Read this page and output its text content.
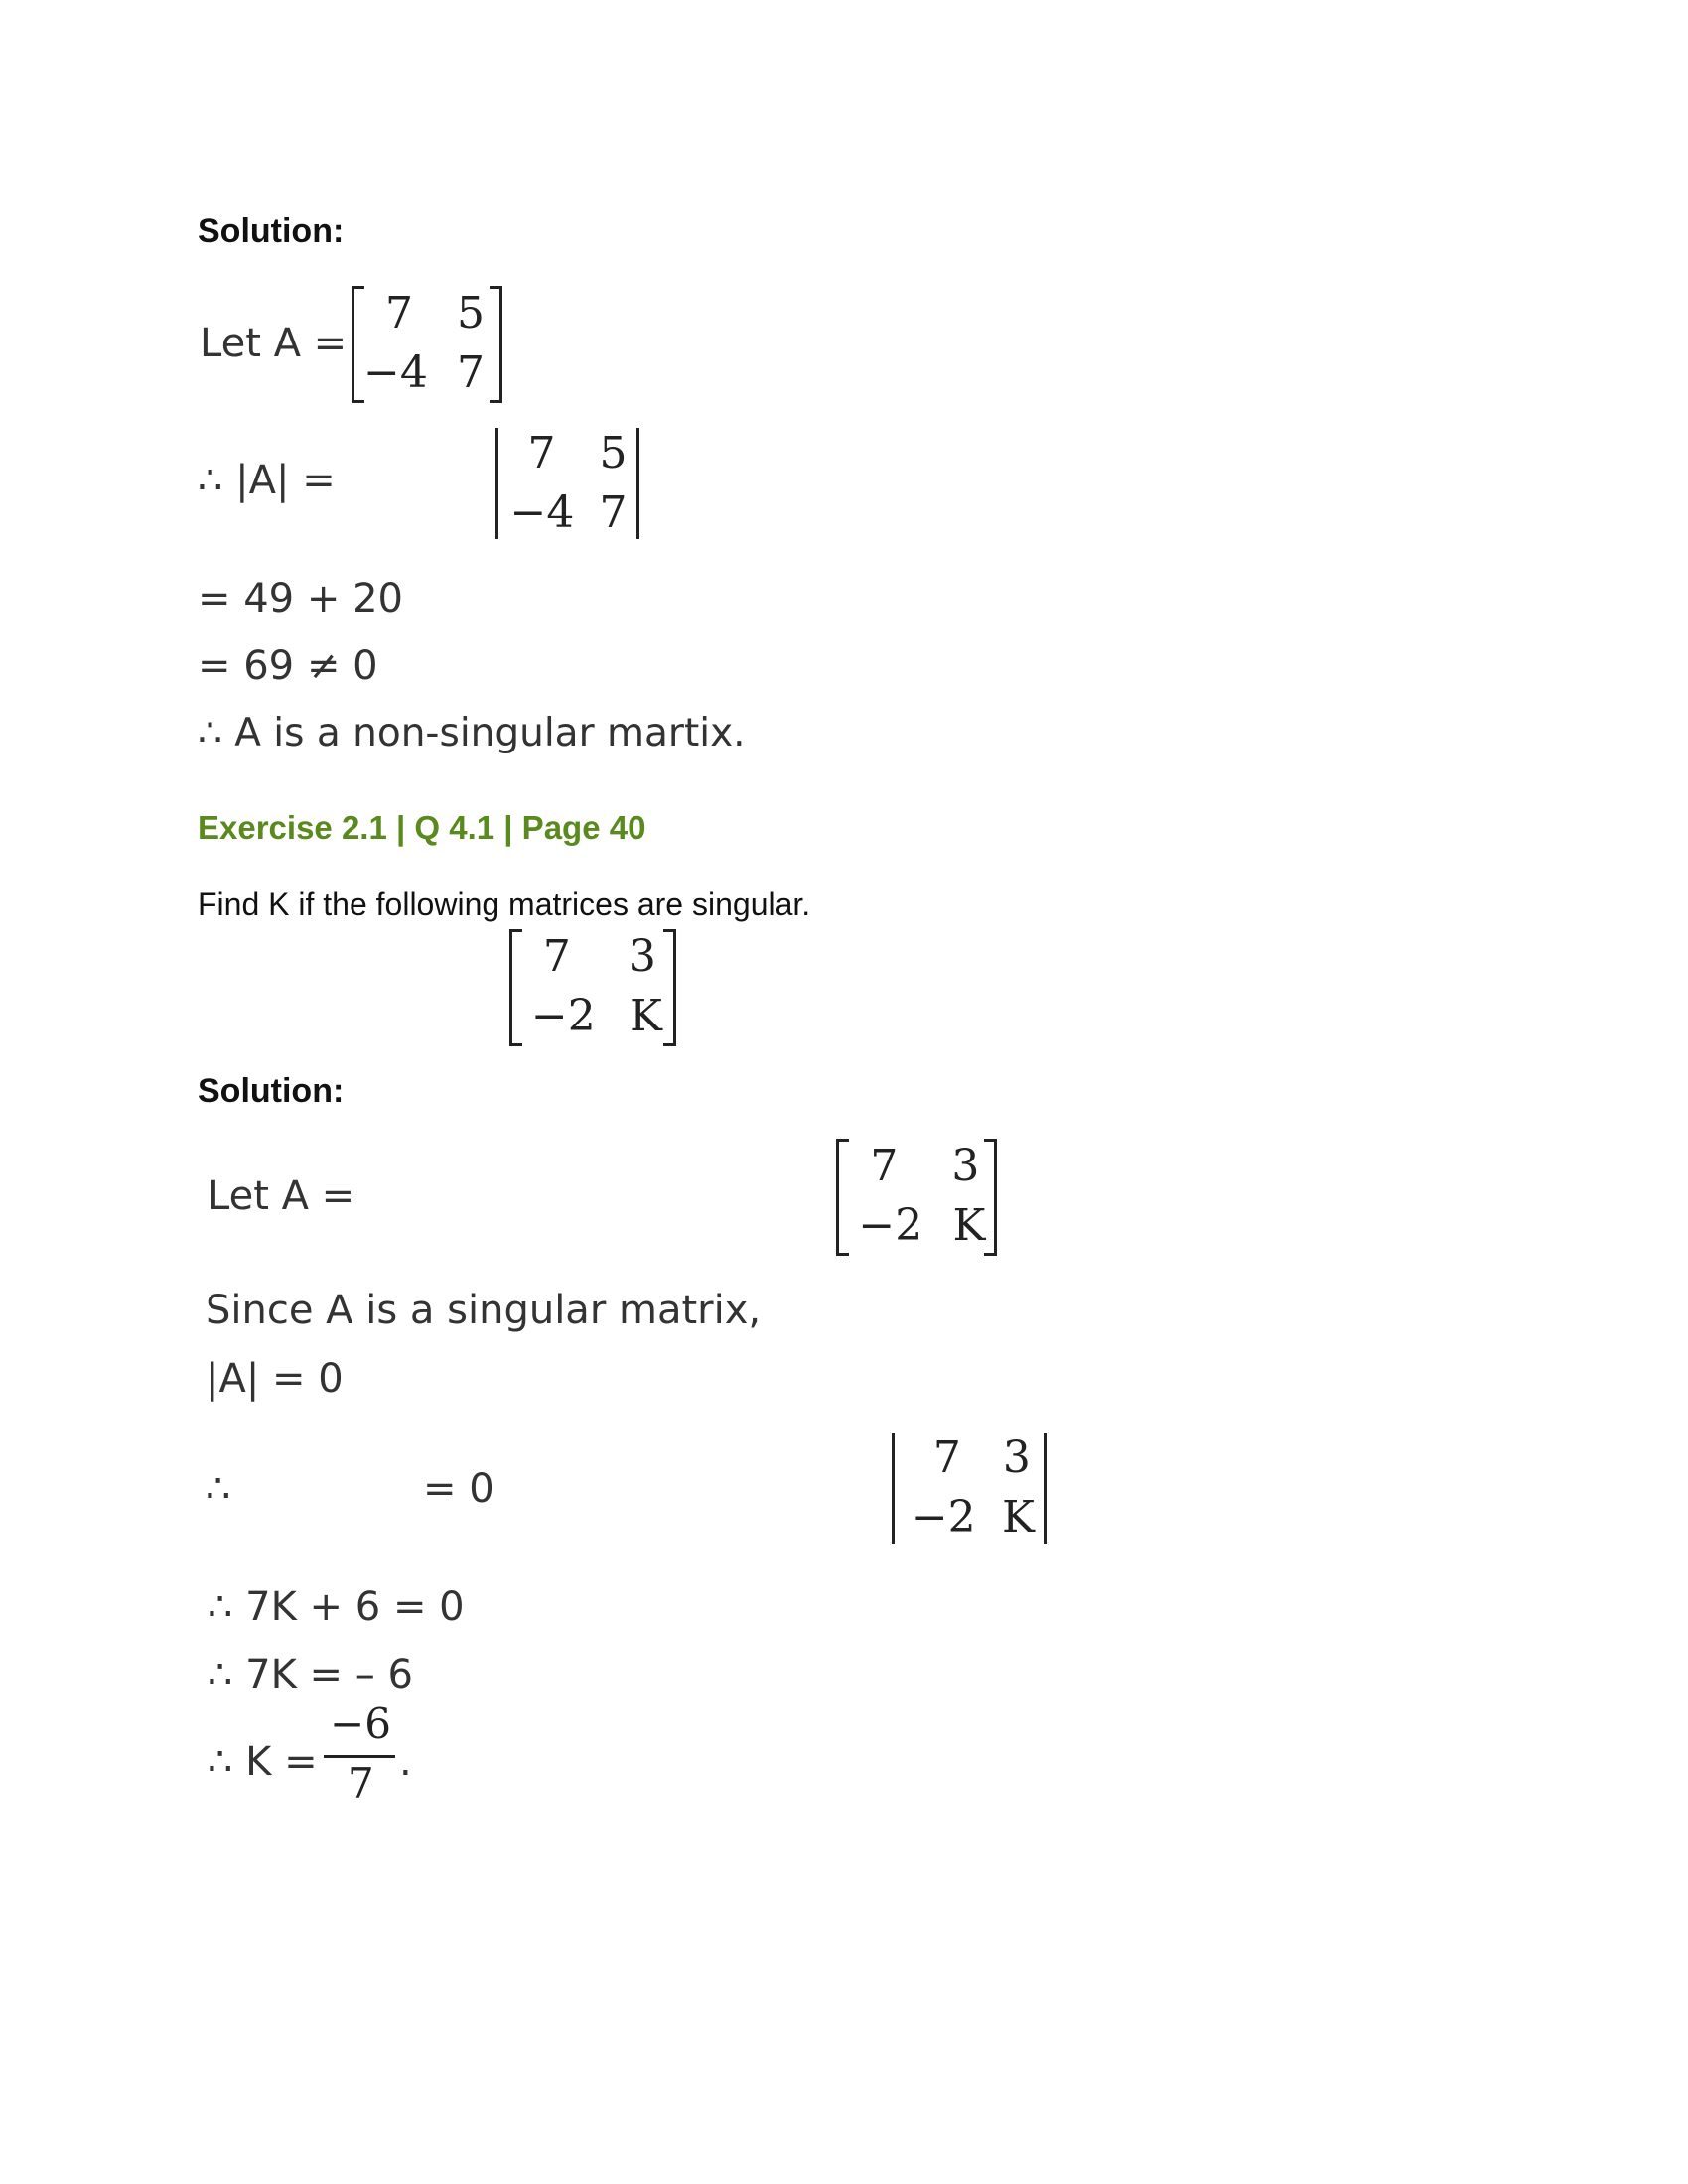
Solution:
Let A =
7	5
−4 7

∴ |A| =
7	5
−4 7

= 49 + 20
= 69 ≠ 0
∴ A is a non-singular martix.
Exercise 2.1 | Q 4.1 | Page 40
Find K if the following matrices are singular.
7	3
−2 K

Solution:
Let A =
7	3
−2 K

Since A is a singular matrix,
|A| = 0
∴
7 3
−2 K
= 0
∴ 7K + 6 = 0
∴ 7K = – 6
∴ K =
−6
7 .
